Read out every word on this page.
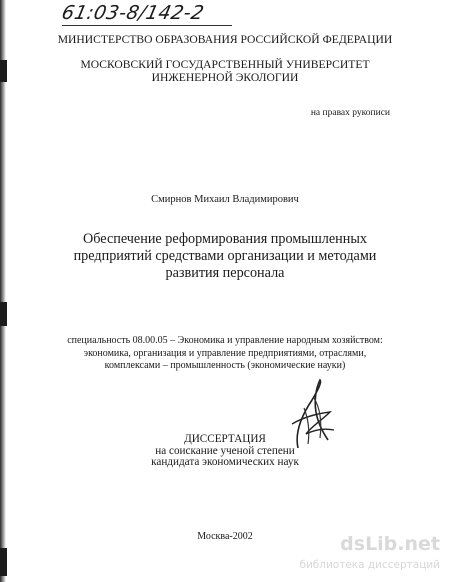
61:03-8/142-2
МИНИСТЕРСТВО ОБРАЗОВАНИЯ РОССИЙСКОЙ ФЕДЕРАЦИИ
МОСКОВСКИЙ ГОСУДАРСТВЕННЫЙ УНИВЕРСИТЕТ
ИНЖЕНЕРНОЙ ЭКОЛОГИИ
на правах рукописи
Смирнов Михаил Владимирович
Обеспечение реформирования промышленных
предприятий средствами организации и методами
развития персонала
специальность 08.00.05 – Экономика и управление народным хозяйством:
экономика, организация и управление предприятиями, отраслями,
комплексами – промышленность (экономические науки)
ДИССЕРТАЦИЯ
на соискание ученой степени
кандидата экономических наук
Москва-2002	dsLib.net
библиотека диссертаций
